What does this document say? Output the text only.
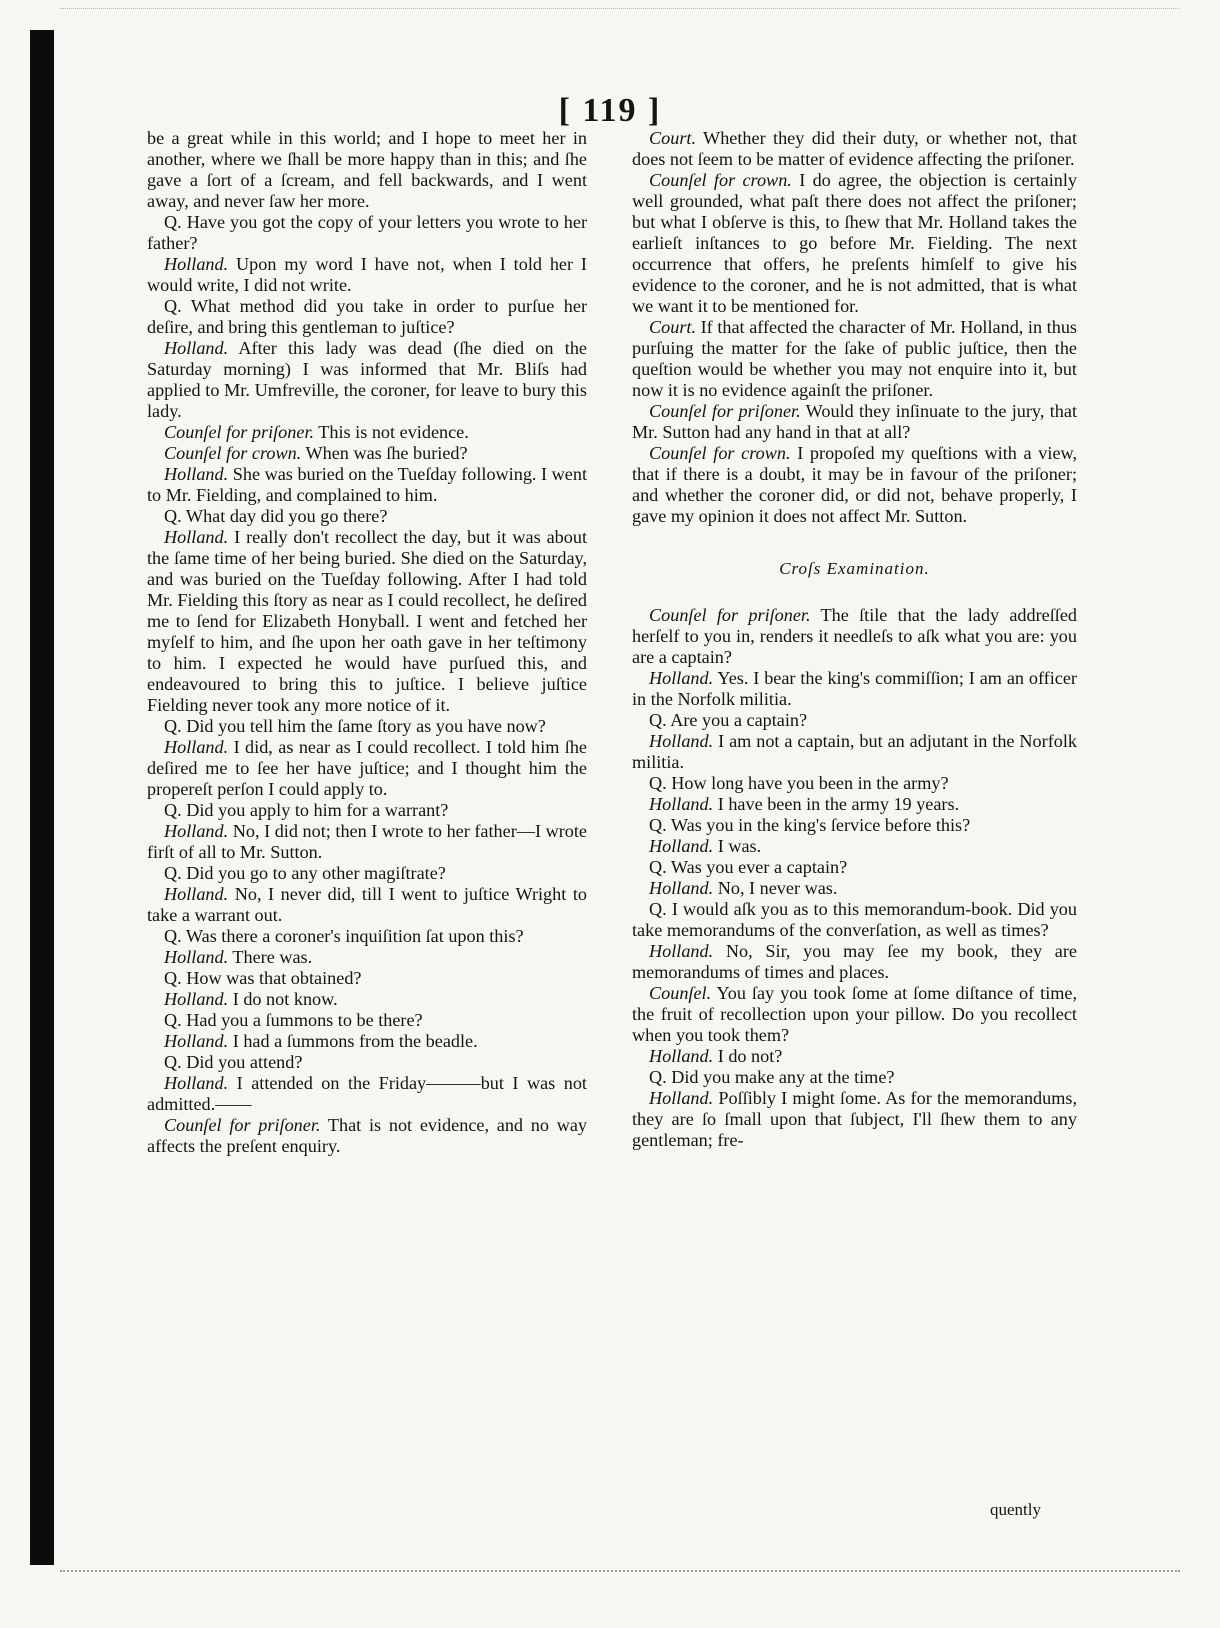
[ 119 ]

be a great while in this world; and I hope to meet her in another, where we ſhall be more happy than in this; and ſhe gave a ſort of a ſcream, and fell backwards, and I went away, and never ſaw her more.

Q. Have you got the copy of your letters you wrote to her father?

Holland. Upon my word I have not, when I told her I would write, I did not write.

Q. What method did you take in order to purſue her deſire, and bring this gentleman to juſtice?

Holland. After this lady was dead (ſhe died on the Saturday morning) I was informed that Mr. Bliſs had applied to Mr. Umfreville, the coroner, for leave to bury this lady.

Counſel for priſoner. This is not evidence.

Counſel for crown. When was ſhe buried?

Holland. She was buried on the Tueſday following. I went to Mr. Fielding, and complained to him.

Q. What day did you go there?

Holland. I really don't recollect the day, but it was about the ſame time of her being buried. She died on the Saturday, and was buried on the Tueſday following. After I had told Mr. Fielding this ſtory as near as I could recollect, he deſired me to ſend for Elizabeth Honyball. I went and fetched her myſelf to him, and ſhe upon her oath gave in her teſtimony to him. I expected he would have purſued this, and endeavoured to bring this to juſtice. I believe juſtice Fielding never took any more notice of it.

Q. Did you tell him the ſame ſtory as you have now?

Holland. I did, as near as I could recollect. I told him ſhe deſired me to ſee her have juſtice; and I thought him the propereſt perſon I could apply to.

Q. Did you apply to him for a warrant?

Holland. No, I did not; then I wrote to her father—I wrote firſt of all to Mr. Sutton.

Q. Did you go to any other magiſtrate?

Holland. No, I never did, till I went to juſtice Wright to take a warrant out.

Q. Was there a coroner's inquiſition ſat upon this?

Holland. There was.

Q. How was that obtained?

Holland. I do not know.

Q. Had you a ſummons to be there?

Holland. I had a ſummons from the beadle.

Q. Did you attend?

Holland. I attended on the Friday———but I was not admitted.——

Counſel for priſoner. That is not evidence, and no way affects the preſent enquiry.

Court. Whether they did their duty, or whether not, that does not ſeem to be matter of evidence affecting the priſoner.

Counſel for crown. I do agree, the objection is certainly well grounded, what paſt there does not affect the priſoner; but what I obſerve is this, to ſhew that Mr. Holland takes the earlieſt inſtances to go before Mr. Fielding. The next occurrence that offers, he preſents himſelf to give his evidence to the coroner, and he is not admitted, that is what we want it to be mentioned for.

Court. If that affected the character of Mr. Holland, in thus purſuing the matter for the ſake of public juſtice, then the queſtion would be whether you may not enquire into it, but now it is no evidence againſt the priſoner.

Counſel for priſoner. Would they inſinuate to the jury, that Mr. Sutton had any hand in that at all?

Counſel for crown. I propoſed my queſtions with a view, that if there is a doubt, it may be in favour of the priſoner; and whether the coroner did, or did not, behave properly, I gave my opinion it does not affect Mr. Sutton.

Croſs Examination.

Counſel for priſoner. The ſtile that the lady addreſſed herſelf to you in, renders it needleſs to aſk what you are: you are a captain?

Holland. Yes. I bear the king's commiſſion; I am an officer in the Norfolk militia.

Q. Are you a captain?

Holland. I am not a captain, but an adjutant in the Norfolk militia.

Q. How long have you been in the army?

Holland. I have been in the army 19 years.

Q. Was you in the king's ſervice before this?

Holland. I was.

Q. Was you ever a captain?

Holland. No, I never was.

Q. I would aſk you as to this memorandum-book. Did you take memorandums of the converſation, as well as times?

Holland. No, Sir, you may ſee my book, they are memorandums of times and places.

Counſel. You ſay you took ſome at ſome diſtance of time, the fruit of recollection upon your pillow. Do you recollect when you took them?

Holland. I do not?

Q. Did you make any at the time?

Holland. Poſſibly I might ſome. As for the memorandums, they are ſo ſmall upon that ſubject, I'll ſhew them to any gentleman; fre-

quently
